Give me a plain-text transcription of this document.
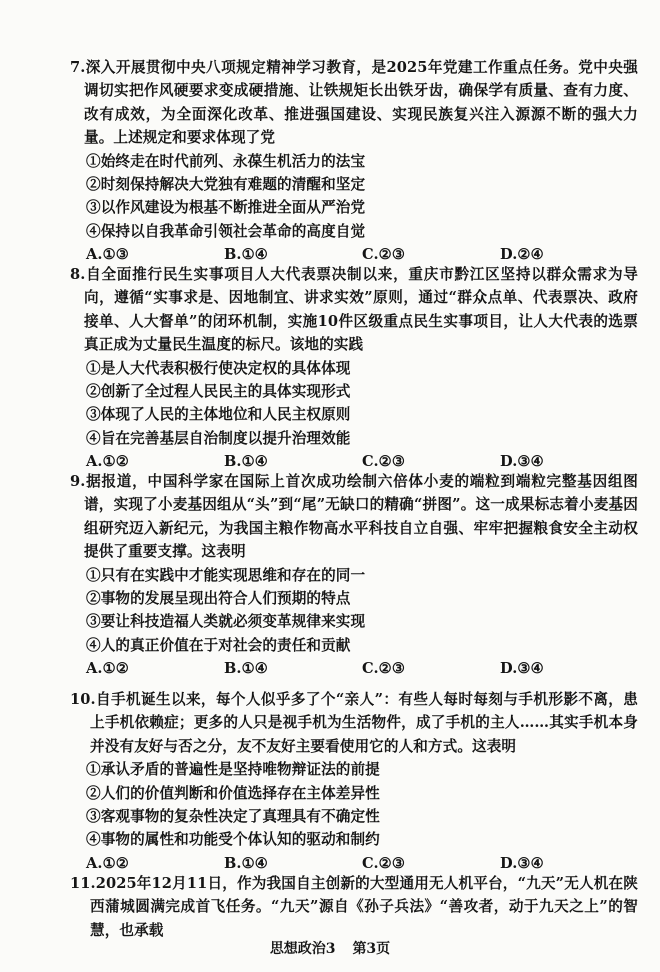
7.深入开展贯彻中央八项规定精神学习教育，是2025年党建工作重点任务。党中央强调切实把作风硬要求变成硬措施、让铁规矩长出铁牙齿，确保学有质量、查有力度、改有成效，为全面深化改革、推进强国建设、实现民族复兴注入源源不断的强大力量。上述规定和要求体现了党

①始终走在时代前列、永葆生机活力的法宝

②时刻保持解决大党独有难题的清醒和坚定

③以作风建设为根基不断推进全面从严治党

④保持以自我革命引领社会革命的高度自觉

A.①③	B.①④	C.②③	D.②④

8.自全面推行民生实事项目人大代表票决制以来，重庆市黔江区坚持以群众需求为导向，遵循“实事求是、因地制宜、讲求实效”原则，通过“群众点单、代表票决、政府接单、人大督单”的闭环机制，实施10件区级重点民生实事项目，让人大代表的选票真正成为丈量民生温度的标尺。该地的实践

①是人大代表积极行使决定权的具体体现

②创新了全过程人民民主的具体实现形式

③体现了人民的主体地位和人民主权原则

④旨在完善基层自治制度以提升治理效能

A.①②	B.①④	C.②③	D.③④

9.据报道，中国科学家在国际上首次成功绘制六倍体小麦的端粒到端粒完整基因组图谱，实现了小麦基因组从“头”到“尾”无缺口的精确“拼图”。这一成果标志着小麦基因组研究迈入新纪元，为我国主粮作物高水平科技自立自强、牢牢把握粮食安全主动权提供了重要支撑。这表明

①只有在实践中才能实现思维和存在的同一

②事物的发展呈现出符合人们预期的特点

③要让科技造福人类就必须变革规律来实现

④人的真正价值在于对社会的责任和贡献

A.①②	B.①④	C.②③	D.③④

10.自手机诞生以来，每个人似乎多了个“亲人”：有些人每时每刻与手机形影不离，患上手机依赖症；更多的人只是视手机为生活物件，成了手机的主人……其实手机本身并没有友好与否之分，友不友好主要看使用它的人和方式。这表明

①承认矛盾的普遍性是坚持唯物辩证法的前提

②人们的价值判断和价值选择存在主体差异性

③客观事物的复杂性决定了真理具有不确定性

④事物的属性和功能受个体认知的驱动和制约

A.①②	B.①④	C.②③	D.③④

11.2025年12月11日，作为我国自主创新的大型通用无人机平台，“九天”无人机在陕西蒲城圆满完成首飞任务。“九天”源自《孙子兵法》“善攻者，动于九天之上”的智慧，也承载

思想政治3 第3页
